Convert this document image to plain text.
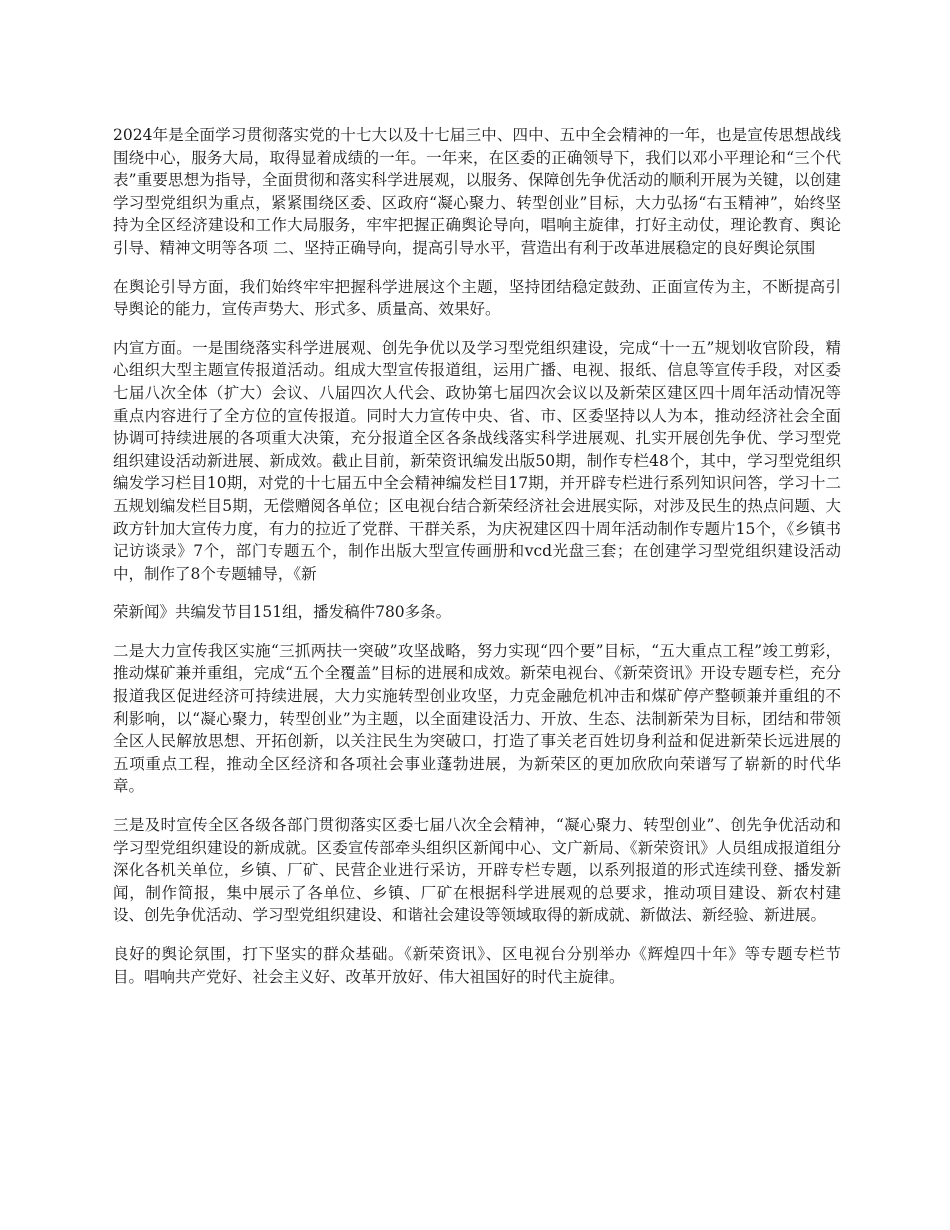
2024年是全面学习贯彻落实党的十七大以及十七届三中、四中、五中全会精神的一年，也是宣传思想战线围绕中心，服务大局，取得显着成绩的一年。一年来，在区委的正确领导下，我们以邓小平理论和“三个代表”重要思想为指导，全面贯彻和落实科学进展观，以服务、保障创先争优活动的顺利开展为关键，以创建学习型党组织为重点，紧紧围绕区委、区政府“凝心聚力、转型创业”目标，大力弘扬“右玉精神”，始终坚持为全区经济建设和工作大局服务，牢牢把握正确舆论导向，唱响主旋律，打好主动仗，理论教育、舆论引导、精神文明等各项 二、坚持正确导向，提高引导水平，营造出有利于改革进展稳定的良好舆论氛围

在舆论引导方面，我们始终牢牢把握科学进展这个主题，坚持团结稳定鼓劲、正面宣传为主，不断提高引导舆论的能力，宣传声势大、形式多、质量高、效果好。

内宣方面。一是围绕落实科学进展观、创先争优以及学习型党组织建设，完成“十一五”规划收官阶段，精心组织大型主题宣传报道活动。组成大型宣传报道组，运用广播、电视、报纸、信息等宣传手段，对区委七届八次全体（扩大）会议、八届四次人代会、政协第七届四次会议以及新荣区建区四十周年活动情况等重点内容进行了全方位的宣传报道。同时大力宣传中央、省、市、区委坚持以人为本，推动经济社会全面协调可持续进展的各项重大决策，充分报道全区各条战线落实科学进展观、扎实开展创先争优、学习型党组织建设活动新进展、新成效。截止目前，新荣资讯编发出版50期，制作专栏48个，其中，学习型党组织编发学习栏目10期，对党的十七届五中全会精神编发栏目17期，并开辟专栏进行系列知识问答，学习十二五规划编发栏目5期，无偿赠阅各单位；区电视台结合新荣经济社会进展实际，对涉及民生的热点问题、大政方针加大宣传力度，有力的拉近了党群、干群关系，为庆祝建区四十周年活动制作专题片15个，《乡镇书记访谈录》7个，部门专题五个，制作出版大型宣传画册和vcd光盘三套；在创建学习型党组织建设活动中，制作了8个专题辅导，《新

荣新闻》共编发节目151组，播发稿件780多条。

二是大力宣传我区实施“三抓两扶一突破”攻坚战略，努力实现“四个要”目标，“五大重点工程”竣工剪彩，推动煤矿兼并重组，完成“五个全覆盖”目标的进展和成效。新荣电视台、《新荣资讯》开设专题专栏，充分报道我区促进经济可持续进展，大力实施转型创业攻坚，力克金融危机冲击和煤矿停产整顿兼并重组的不利影响，以“凝心聚力，转型创业”为主题，以全面建设活力、开放、生态、法制新荣为目标，团结和带领全区人民解放思想、开拓创新，以关注民生为突破口，打造了事关老百姓切身利益和促进新荣长远进展的五项重点工程，推动全区经济和各项社会事业蓬勃进展，为新荣区的更加欣欣向荣谱写了崭新的时代华章。

三是及时宣传全区各级各部门贯彻落实区委七届八次全会精神，“凝心聚力、转型创业”、创先争优活动和学习型党组织建设的新成就。区委宣传部牵头组织区新闻中心、文广新局、《新荣资讯》人员组成报道组分深化各机关单位，乡镇、厂矿、民营企业进行采访，开辟专栏专题，以系列报道的形式连续刊登、播发新闻，制作简报，集中展示了各单位、乡镇、厂矿在根据科学进展观的总要求，推动项目建设、新农村建设、创先争优活动、学习型党组织建设、和谐社会建设等领域取得的新成就、新做法、新经验、新进展。

良好的舆论氛围，打下坚实的群众基础。《新荣资讯》、区电视台分别举办《辉煌四十年》等专题专栏节目。唱响共产党好、社会主义好、改革开放好、伟大祖国好的时代主旋律。
